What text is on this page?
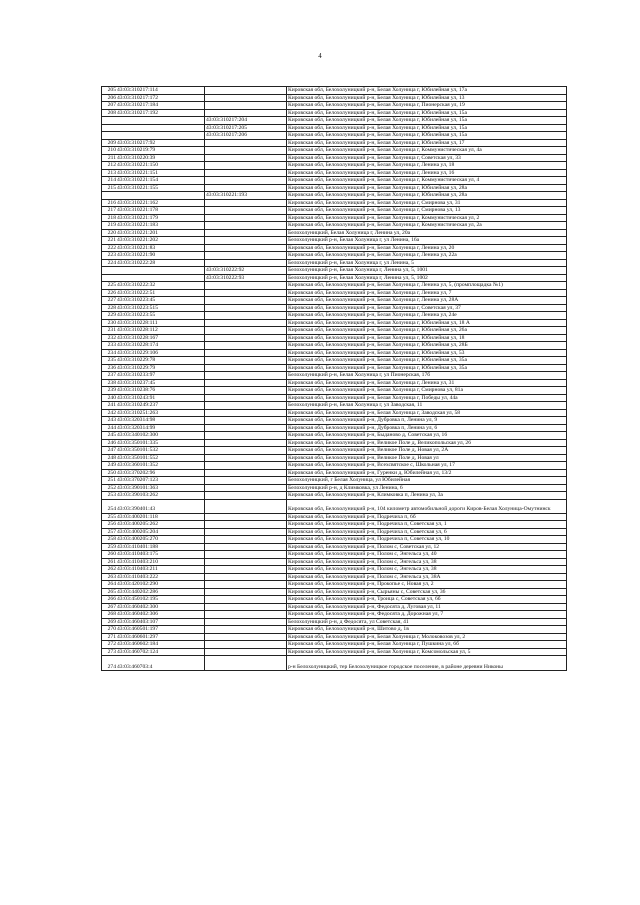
4
205	43:03:310217:114		Кировская обл, Белохолуницкий р-н, Белая Холуница г, Юбилейная ул, 17а
206	43:03:310217:172		Кировская обл, Белохолуницкий р-н, Белая Холуница г, Юбилейная ул, 13
207	43:03:310217:184		Кировская обл, Белохолуницкий р-н, Белая Холуница г, Пионерская ул, 19
208	43:03:310217:192		Кировская обл, Белохолуницкий р-н, Белая Холуница г, Юбилейная ул, 15а
		43:03:310217:204	Кировская обл, Белохолуницкий р-н, Белая Холуница г, Юбилейная ул, 15а
		43:03:310217:205	Кировская обл, Белохолуницкий р-н, Белая Холуница г, Юбилейная ул, 15а
		43:03:310217:206	Кировская обл, Белохолуницкий р-н, Белая Холуница г, Юбилейная ул, 15а
209	43:03:310217:92		Кировская обл, Белохолуницкий р-н, Белая Холуница г, Юбилейная ул, 17
210	43:03:310219:79		Кировская обл, Белохолуницкий р-н, Белая Холуница г, Коммунистическая ул, 4а
211	43:03:310220:39		Кировская обл, Белохолуницкий р-н, Белая Холуница г, Советская ул, 33
212	43:03:310221:150		Кировская обл, Белохолуницкий р-н, Белая Холуница г, Ленина ул, 18
213	43:03:310221:151		Кировская обл, Белохолуницкий р-н, Белая Холуница г, Ленина ул, 16
214	43:03:310221:154		Кировская обл, Белохолуницкий р-н, Белая Холуница г, Коммунистическая ул, 4
215	43:03:310221:155		Кировская обл, Белохолуницкий р-н, Белая Холуница г, Юбилейная ул, 28а
		43:03:310221:193	Кировская обл, Белохолуницкий р-н, Белая Холуница г, Юбилейная ул, 28а
216	43:03:310221:162		Кировская обл, Белохолуницкий р-н, Белая Холуница г, Смирнова ул, 31
217	43:03:310221:178		Кировская обл, Белохолуницкий р-н, Белая Холуница г, Смирнова ул, 13
218	43:03:310221:179		Кировская обл, Белохолуницкий р-н, Белая Холуница г, Коммунистическая ул, 2
219	43:03:310221:183		Кировская обл, Белохолуницкий р-н, Белая Холуница г, Коммунистическая ул, 2а
220	43:03:310221:201		Белохолуницкий, Белая Холуница г, Ленина ул, 20а
221	43:03:310221:202		Белохолуницкий р-н, Белая Холуница г, ул Ленина, 16а
222	43:03:310221:83		Кировская обл, Белохолуницкий р-н, Белая Холуница г, Ленина ул, 20
223	43:03:310221:90		Кировская обл, Белохолуницкий р-н, Белая Холуница г, Ленина ул, 22а
224	43:03:310222:28		Белохолуницкий р-н, Белая Холуница г, ул Ленина, 5
		43:03:310222:92	Белохолуницкий р-н, Белая Холуница г, Ленина ул, 5, 1001
		43:03:310222:93	Белохолуницкий р-н, Белая Холуница г, Ленина ул, 5, 1002
225	43:03:310222:32		Кировская обл, Белохолуницкий р-н, Белая Холуница г, Ленина ул, 5, (промплощадка №1)
226	43:03:310222:51		Кировская обл, Белохолуницкий р-н, Белая Холуница г, Ленина ул, 7
227	43:03:310223:45		Кировская обл, Белохолуницкий р-н, Белая Холуница г, Ленина ул, 28А
228	43:03:310223:515		Кировская обл, Белохолуницкий р-н, Белая Холуница г, Советская ул, 37
229	43:03:310223:55		Кировская обл, Белохолуницкий р-н, Белая Холуница г, Ленина ул, 24е
230	43:03:310228:111		Кировская обл, Белохолуницкий р-н, Белая Холуница г, Юбилейная ул, 18 А
231	43:03:310228:112		Кировская обл, Белохолуницкий р-н, Белая Холуница г, Юбилейная ул, 26а
232	43:03:310228:167		Кировская обл, Белохолуницкий р-н, Белая Холуница г, Юбилейная ул, 18
233	43:03:310228:174		Кировская обл, Белохолуницкий р-н, Белая Холуница г, Юбилейная ул, 28Б
234	43:03:310229:106		Кировская обл, Белохолуницкий р-н, Белая Холуница г, Юбилейная ул, 53
235	43:03:310229:78		Кировская обл, Белохолуницкий р-н, Белая Холуница г, Юбилейная ул, 35а
236	43:03:310229:79		Кировская обл, Белохолуницкий р-н, Белая Холуница г, Юбилейная ул, 35а
237	43:03:310233:97		Белохолуницкий р-н, Белая Холуница г, ул Пионерская, 17б
238	43:03:310237:45		Кировская обл, Белохолуницкий р-н, Белая Холуница г, Ленина ул, 31
239	43:03:310238:76		Кировская обл, Белохолуницкий р-н, Белая Холуница г, Смирнова ул, 81а
240	43:03:310243:91		Кировская обл, Белохолуницкий р-н, Белая Холуница г, Победы ул, 44а
241	43:03:310249:237		Белохолуницкий р-н, Белая Холуница г, ул Заводская, 11
242	43:03:310251:263		Кировская обл, Белохолуницкий р-н, Белая Холуница г, Заводская ул, 58
243	43:03:320314:98		Кировская обл, Белохолуницкий р-н, Дубровка п, Ленина ул, 9
244	43:03:320314:99		Кировская обл, Белохолуницкий р-н, Дубровка п, Ленина ул, 6
245	43:03:340102:300		Кировская обл, Белохолуницкий р-н, Быданово д, Советская ул, 16
246	43:03:350101:335		Кировская обл, Белохолуницкий р-н, Великое Поле д, Великопольская ул, 26
247	43:03:350101:532		Кировская обл, Белохолуницкий р-н, Великое Поле д, Новая ул, 2А
248	43:03:350101:552		Кировская обл, Белохолуницкий р-н, Великое Поле д, Новая ул
249	43:03:360101:352		Кировская обл, Белохолуницкий р-н, Всехсвятское с, Школьная ул, 17
250	43:03:370202:96		Кировская обл, Белохолуницкий р-н, Гуренки д, Юбилейная ул, 13/2
251	43:03:370207:123		Белохолуницкий, г Белая Холуница, ул Юбилейная
252	43:03:390101:363		Белохолуницкий р-н, д Климковка, ул Ленина, 6
253	43:03:390103:262		Кировская обл, Белохолуницкий р-н, Климковка п, Ленина ул, 3а
254	43:03:390401:43		Кировская обл, Белохолуницкий р-н, 104 километр автомобильной дороги Киров-Белая Холуница-Омутнинск
255	43:03:400201:118		Кировская обл, Белохолуницкий р-н, Подречиха п, 6б
256	43:03:400205:262		Кировская обл, Белохолуницкий р-н, Подречиха п, Советская ул, 1
257	43:03:400205:204		Кировская обл, Белохолуницкий р-н, Подречиха п, Советская ул, 6
258	43:03:400205:270		Кировская обл, Белохолуницкий р-н, Подречиха п, Советская ул, 10
259	43:03:410401:188		Кировская обл, Белохолуницкий р-н, Полом с, Советская ул, 12
260	43:03:410403:175		Кировская обл, Белохолуницкий р-н, Полом с, Энгельса ул, 40
261	43:03:410403:210		Кировская обл, Белохолуницкий р-н, Полом с, Энгельса ул, 38
262	43:03:410403:211		Кировская обл, Белохолуницкий р-н, Полом с, Энгельса ул, 38
263	43:03:410403:222		Кировская обл, Белохолуницкий р-н, Полом с, Энгельса ул, 38А
264	43:03:420102:290		Кировская обл, Белохолуницкий р-н, Прокопье с, Новая ул, 2
265	43:03:440202:286		Кировская обл, Белохолуницкий р-н, Сырьяны с, Советская ул, 36
266	43:03:450102:195		Кировская обл, Белохолуницкий р-н, Троица с, Советская ул, 6б
267	43:03:460402:300		Кировская обл, Белохолуницкий р-н, Федосята д, Луговая ул, 11
268	43:03:460402:306		Кировская обл, Белохолуницкий р-н, Федосята д, Дорожная ул, 7
269	43:03:460403:107		Белохолуницкий р-н, д Федосята, ул Советская, 41
270	43:03:460501:197		Кировская обл, Белохолуницкий р-н, Шитово д, 1в
271	43:03:460601:297		Кировская обл, Белохолуницкий р-н, Белая Холуница г, Молоковозов ул, 2
272	43:03:460602:184		Кировская обл, Белохолуницкий р-н, Белая Холуница г, Пушкина ул, 6б
273	43:03:460702:124		Кировская обл, Белохолуницкий р-н, Белая Холуница г, Комсомольская ул, 5
274	43:03:460703:4		р-н Белохолуницкий, тер Белохолуницкое городское поселение, в районе деревни Никоны
